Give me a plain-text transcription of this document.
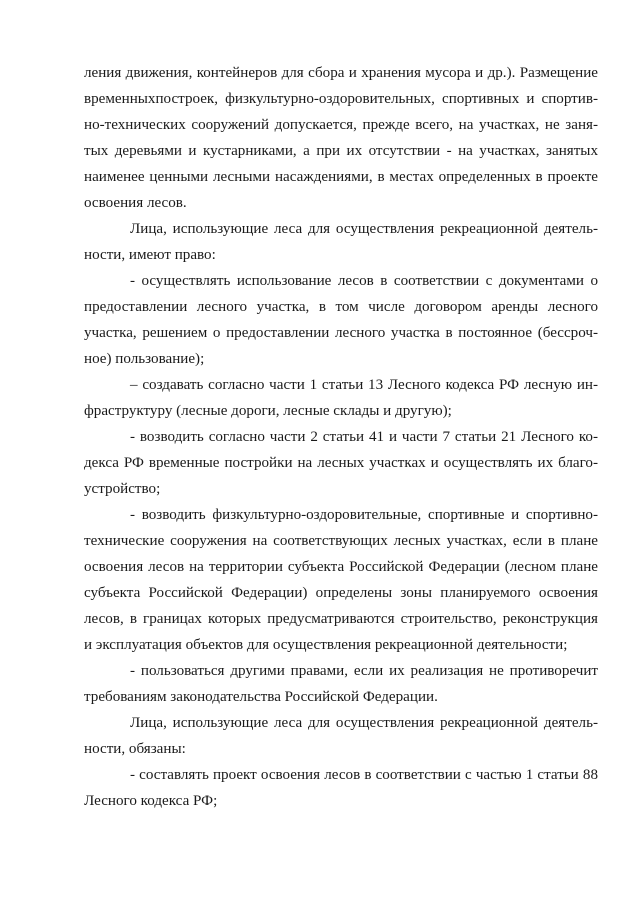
ления движения, контейнеров для сбора и хранения мусора и др.). Размещение
временныхпостроек, физкультурно-оздоровительных, спортивных и спортив-
но-технических сооружений допускается, прежде всего, на участках, не заня-
тых деревьями и кустарниками, а при их отсутствии - на участках, занятых
наименее ценными лесными насаждениями, в местах определенных в проекте
освоения лесов.

Лица, использующие леса для осуществления рекреационной деятель-
ности, имеют право:

- осуществлять использование лесов в соответствии с документами о
предоставлении лесного участка, в том числе договором аренды лесного
участка, решением о предоставлении лесного участка в постоянное (бессроч-
ное) пользование);

– создавать согласно части 1 статьи 13 Лесного кодекса РФ лесную ин-
фраструктуру (лесные дороги, лесные склады и другую);

- возводить согласно части 2 статьи 41 и части 7 статьи 21 Лесного ко-
декса РФ временные постройки на лесных участках и осуществлять их благо-
устройство;

- возводить физкультурно-оздоровительные, спортивные и спортивно-
технические сооружения на соответствующих лесных участках, если в плане
освоения лесов на территории субъекта Российской Федерации (лесном плане
субъекта Российской Федерации) определены зоны планируемого освоения
лесов, в границах которых предусматриваются строительство, реконструкция
и эксплуатация объектов для осуществления рекреационной деятельности;

- пользоваться другими правами, если их реализация не противоречит
требованиям законодательства Российской Федерации.

Лица, использующие леса для осуществления рекреационной деятель-
ности, обязаны:

- составлять проект освоения лесов в соответствии с частью 1 статьи 88
Лесного кодекса РФ;
